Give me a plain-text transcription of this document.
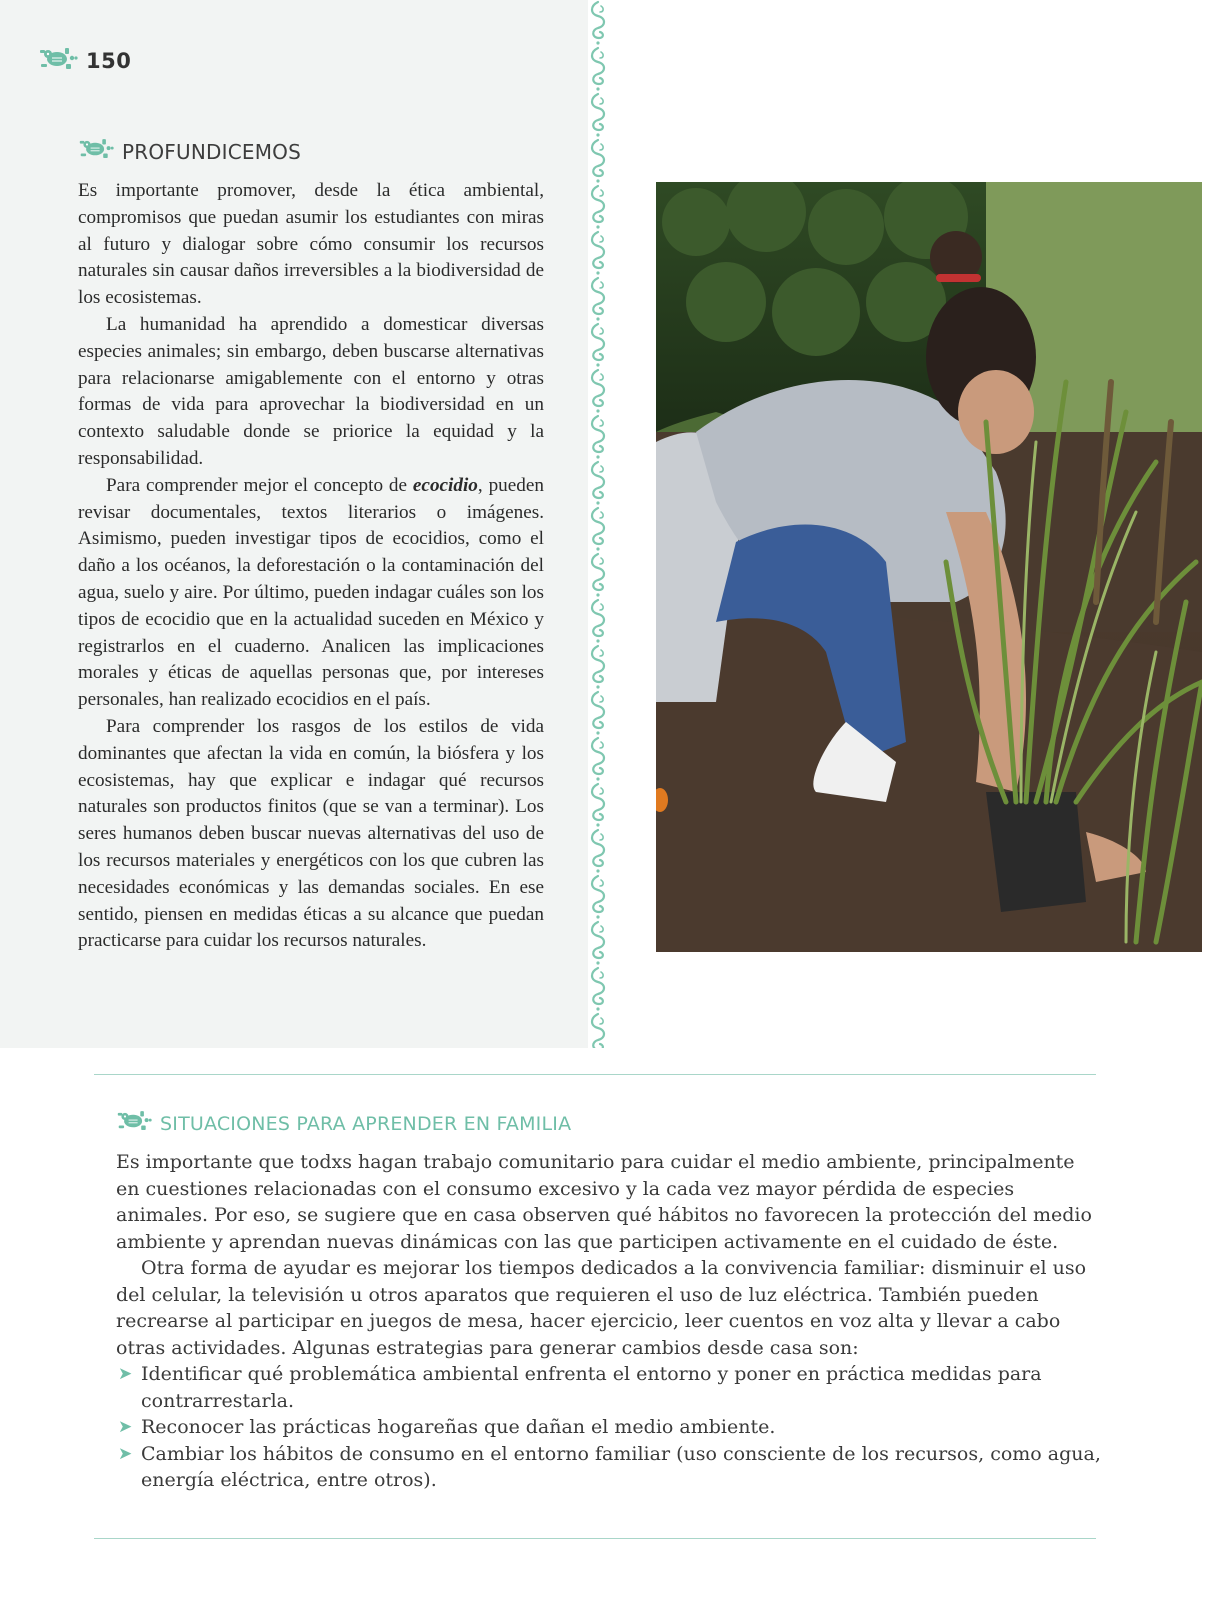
150
PROFUNDICEMOS

Es importante promover, desde la ética ambiental, compromisos que puedan asumir los estudiantes con miras al futuro y dialogar sobre cómo consumir los recursos naturales sin causar daños irreversibles a la biodiversidad de los ecosistemas.

La humanidad ha aprendido a domesticar diversas especies animales; sin embargo, deben buscarse alternativas para relacionarse amigablemente con el entorno y otras formas de vida para aprovechar la biodiversidad en un contexto saludable donde se priorice la equidad y la responsabilidad.

Para comprender mejor el concepto de ecocidio, pueden revisar documentales, textos literarios o imágenes. Asimismo, pueden investigar tipos de ecocidios, como el daño a los océanos, la deforestación o la contaminación del agua, suelo y aire. Por último, pueden indagar cuáles son los tipos de ecocidio que en la actualidad suceden en México y registrarlos en el cuaderno. Analicen las implicaciones morales y éticas de aquellas personas que, por intereses personales, han realizado ecocidios en el país.

Para comprender los rasgos de los estilos de vida dominantes que afectan la vida en común, la biósfera y los ecosistemas, hay que explicar e indagar qué recursos naturales son productos finitos (que se van a terminar). Los seres humanos deben buscar nuevas alternativas del uso de los recursos materiales y energéticos con los que cubren las necesidades económicas y las demandas sociales. En ese sentido, piensen en medidas éticas a su alcance que puedan practicarse para cuidar los recursos naturales.

SITUACIONES PARA APRENDER EN FAMILIA

Es importante que todxs hagan trabajo comunitario para cuidar el medio ambiente, principalmente en cuestiones relacionadas con el consumo excesivo y la cada vez mayor pérdida de especies animales. Por eso, se sugiere que en casa observen qué hábitos no favorecen la protección del medio ambiente y aprendan nuevas dinámicas con las que participen activamente en el cuidado de éste.

Otra forma de ayudar es mejorar los tiempos dedicados a la convivencia familiar: disminuir el uso del celular, la televisión u otros aparatos que requieren el uso de luz eléctrica. También pueden recrearse al participar en juegos de mesa, hacer ejercicio, leer cuentos en voz alta y llevar a cabo otras actividades. Algunas estrategias para generar cambios desde casa son:

➤ Identificar qué problemática ambiental enfrenta el entorno y poner en práctica medidas para contrarrestarla.
➤ Reconocer las prácticas hogareñas que dañan el medio ambiente.
➤ Cambiar los hábitos de consumo en el entorno familiar (uso consciente de los recursos, como agua, energía eléctrica, entre otros).
